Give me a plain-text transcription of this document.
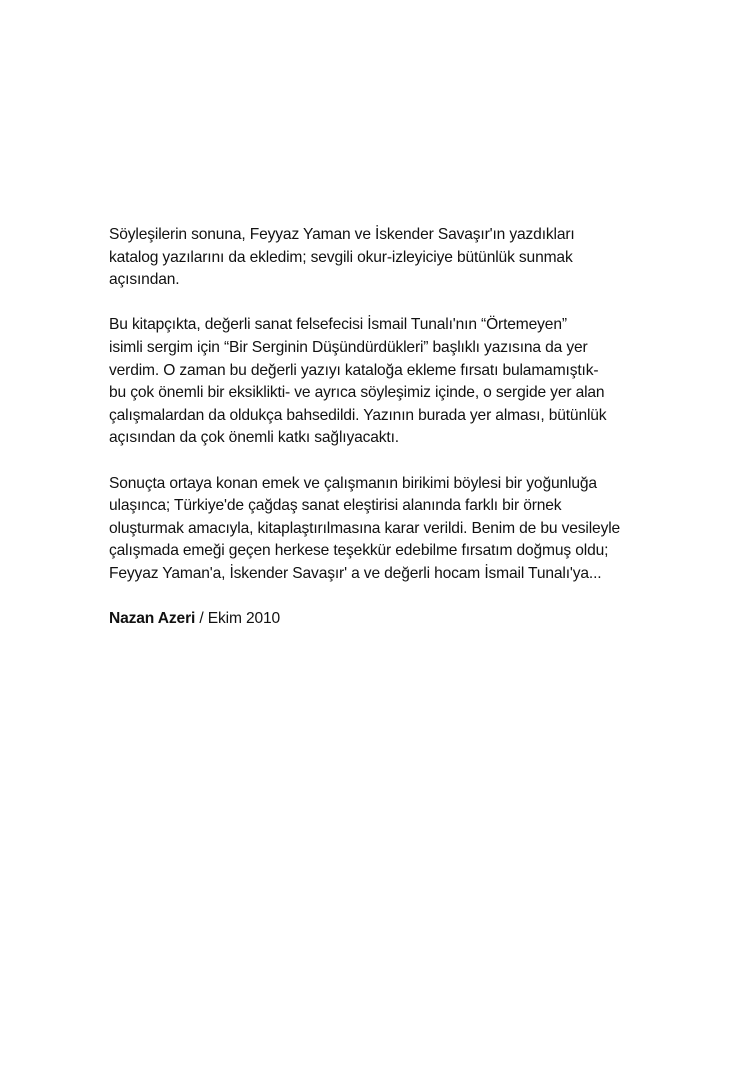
Söyleşilerin sonuna, Feyyaz Yaman ve İskender Savaşır'ın yazdıkları
katalog yazılarını da ekledim; sevgili okur-izleyiciye bütünlük sunmak
açısından.

Bu kitapçıkta, değerli sanat felsefecisi İsmail Tunalı'nın “Örtemeyen”
isimli sergim için “Bir Serginin Düşündürdükleri” başlıklı yazısına da yer
verdim. O zaman bu değerli yazıyı kataloğa ekleme fırsatı bulamamıştık-
bu çok önemli bir eksiklikti- ve ayrıca söyleşimiz içinde, o sergide yer alan
çalışmalardan da oldukça bahsedildi. Yazının burada yer alması, bütünlük
açısından da çok önemli katkı sağlıyacaktı.

Sonuçta ortaya konan emek ve çalışmanın birikimi böylesi bir yoğunluğa
ulaşınca; Türkiye'de çağdaş sanat eleştirisi alanında farklı bir örnek
oluşturmak amacıyla, kitaplaştırılmasına karar verildi. Benim de bu vesileyle
çalışmada emeği geçen herkese teşekkür edebilme fırsatım doğmuş oldu;
Feyyaz Yaman'a, İskender Savaşır' a ve değerli hocam İsmail Tunalı'ya...

Nazan Azeri / Ekim 2010
